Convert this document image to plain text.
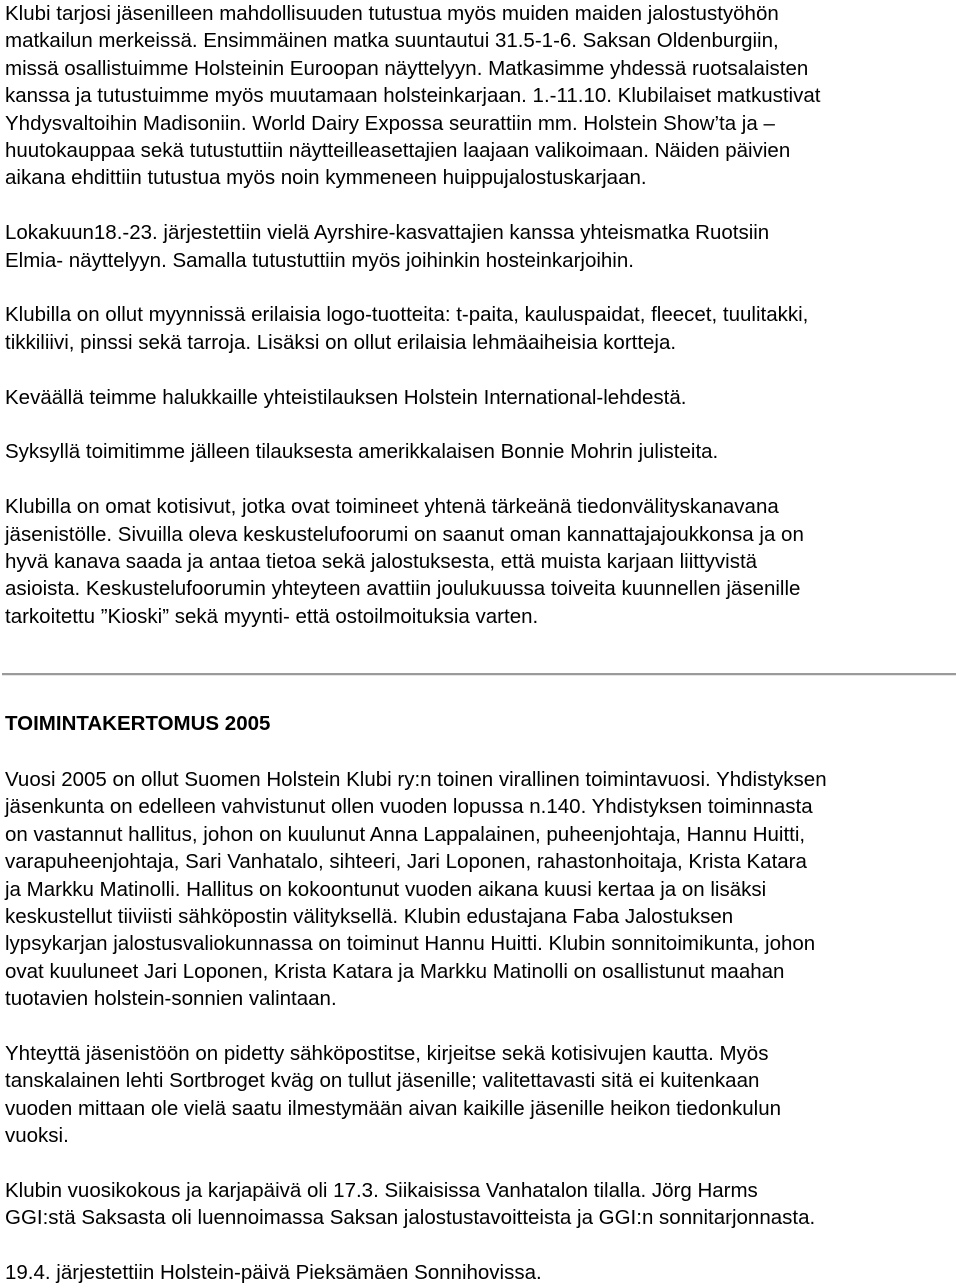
Klubi tarjosi jäsenilleen mahdollisuuden tutustua myös muiden maiden jalostustyöhön

matkailun merkeissä. Ensimmäinen matka suuntautui 31.5-1-6. Saksan Oldenburgiin,

missä osallistuimme Holsteinin Euroopan näyttelyyn. Matkasimme yhdessä ruotsalaisten

kanssa ja tutustuimme myös muutamaan holsteinkarjaan. 1.-11.10. Klubilaiset matkustivat

Yhdysvaltoihin Madisoniin. World Dairy Expossa seurattiin mm. Holstein Show’ta ja –

huutokauppaa sekä tutustuttiin näytteilleasettajien laajaan valikoimaan. Näiden päivien

aikana ehdittiin tutustua myös noin kymmeneen huippujalostuskarjaan.

Lokakuun18.-23. järjestettiin vielä Ayrshire-kasvattajien kanssa yhteismatka Ruotsiin

Elmia- näyttelyyn. Samalla tutustuttiin myös joihinkin hosteinkarjoihin.

Klubilla on ollut myynnissä erilaisia logo-tuotteita: t-paita, kauluspaidat, fleecet, tuulitakki,

tikkiliivi, pinssi sekä tarroja. Lisäksi on ollut erilaisia lehmäaiheisia kortteja.

Keväällä teimme halukkaille yhteistilauksen Holstein International-lehdestä.

Syksyllä toimitimme jälleen tilauksesta amerikkalaisen Bonnie Mohrin julisteita.

Klubilla on omat kotisivut, jotka ovat toimineet yhtenä tärkeänä tiedonvälityskanavana

jäsenistölle. Sivuilla oleva keskustelufoorumi on saanut oman kannattajajoukkonsa ja on

hyvä kanava saada ja antaa tietoa sekä jalostuksesta, että muista karjaan liittyvistä

asioista. Keskustelufoorumin yhteyteen avattiin joulukuussa toiveita kuunnellen jäsenille

tarkoitettu ”Kioski” sekä myynti- että ostoilmoituksia varten.

TOIMINTAKERTOMUS 2005

Vuosi 2005 on ollut Suomen Holstein Klubi ry:n toinen virallinen toimintavuosi. Yhdistyksen

jäsenkunta on edelleen vahvistunut ollen vuoden lopussa n.140. Yhdistyksen toiminnasta

on vastannut hallitus, johon on kuulunut Anna Lappalainen, puheenjohtaja, Hannu Huitti,

varapuheenjohtaja, Sari Vanhatalo, sihteeri, Jari Loponen, rahastonhoitaja, Krista Katara

ja Markku Matinolli. Hallitus on kokoontunut vuoden aikana kuusi kertaa ja on lisäksi

keskustellut tiiviisti sähköpostin välityksellä. Klubin edustajana Faba Jalostuksen

lypsykarjan jalostusvaliokunnassa on toiminut Hannu Huitti. Klubin sonnitoimikunta, johon

ovat kuuluneet Jari Loponen, Krista Katara ja Markku Matinolli on osallistunut maahan

tuotavien holstein-sonnien valintaan.

Yhteyttä jäsenistöön on pidetty sähköpostitse, kirjeitse sekä kotisivujen kautta. Myös

tanskalainen lehti Sortbroget kväg on tullut jäsenille; valitettavasti sitä ei kuitenkaan

vuoden mittaan ole vielä saatu ilmestymään aivan kaikille jäsenille heikon tiedonkulun

vuoksi.

Klubin vuosikokous ja karjapäivä oli 17.3. Siikaisissa Vanhatalon tilalla. Jörg Harms

GGI:stä Saksasta oli luennoimassa Saksan jalostustavoitteista ja GGI:n sonnitarjonnasta.

19.4. järjestettiin Holstein-päivä Pieksämäen Sonnihovissa.
